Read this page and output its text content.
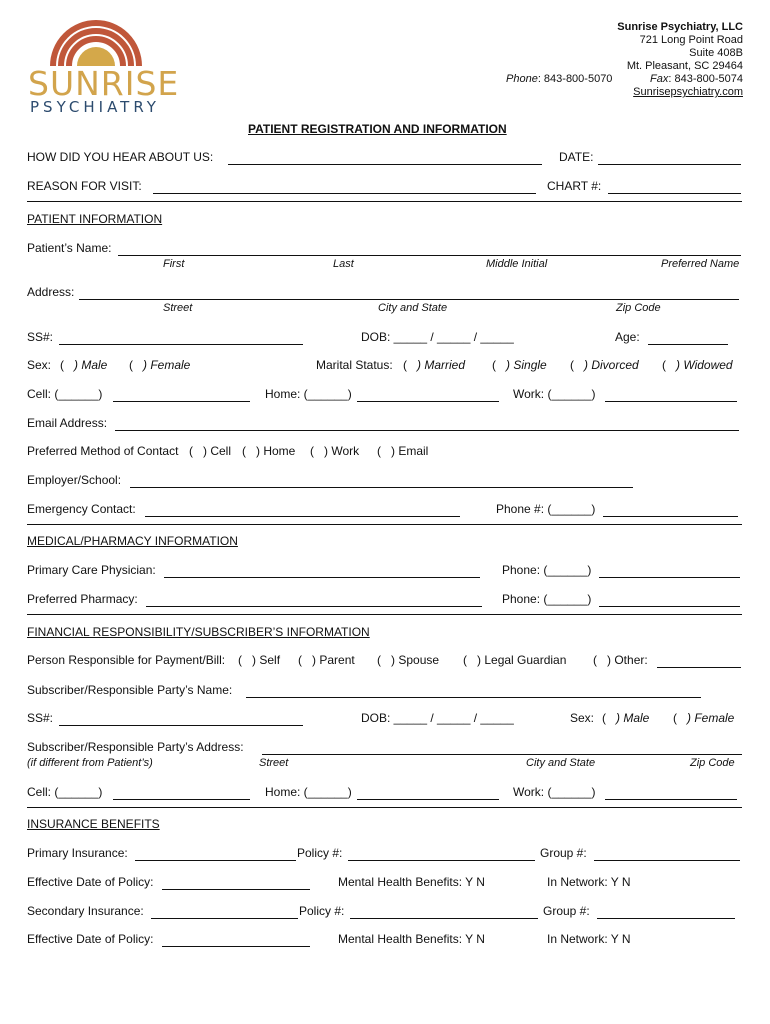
SUNRISE
PSYCHIATRY
Sunrise Psychiatry, LLC
721 Long Point Road
Suite 408B
Mt. Pleasant, SC 29464
Fax: 843-800-5074
Sunrisepsychiatry.com
Phone: 843-800-5070
PATIENT REGISTRATION AND INFORMATION
HOW DID YOU HEAR ABOUT US:	DATE:
REASON FOR VISIT:	CHART #:
PATIENT INFORMATION
Patient’s Name:
First	Last	Middle Initial	Preferred Name
Address:
Street	City and State	Zip Code
SS#:	DOB: _____ / _____ / _____	Age:
Sex: ( ) Male ( ) Female	Marital Status: ( ) Married ( ) Single ( ) Divorced ( ) Widowed
Cell: (______)	Home: (______)	Work: (______)
Email Address:
Preferred Method of Contact ( ) Cell ( ) Home ( ) Work ( ) Email
Employer/School:
Emergency Contact:	Phone #: (______)
MEDICAL/PHARMACY INFORMATION
Primary Care Physician:	Phone: (______)
Preferred Pharmacy:	Phone: (______)
FINANCIAL RESPONSIBILITY/SUBSCRIBER’S INFORMATION
Person Responsible for Payment/Bill: ( ) Self ( ) Parent ( ) Spouse ( ) Legal Guardian ( ) Other:
Subscriber/Responsible Party’s Name:
SS#:	DOB: _____ / _____ / _____	Sex: ( ) Male ( ) Female
Subscriber/Responsible Party’s Address:
(if different from Patient’s)	Street	City and State	Zip Code
Cell: (______)	Home: (______)	Work: (______)
INSURANCE BENEFITS
Primary Insurance:	Policy #:	Group #:
Effective Date of Policy:	Mental Health Benefits: Y N	In Network: Y N
Secondary Insurance:	Policy #:	Group #:
Effective Date of Policy:	Mental Health Benefits: Y N	In Network: Y N
